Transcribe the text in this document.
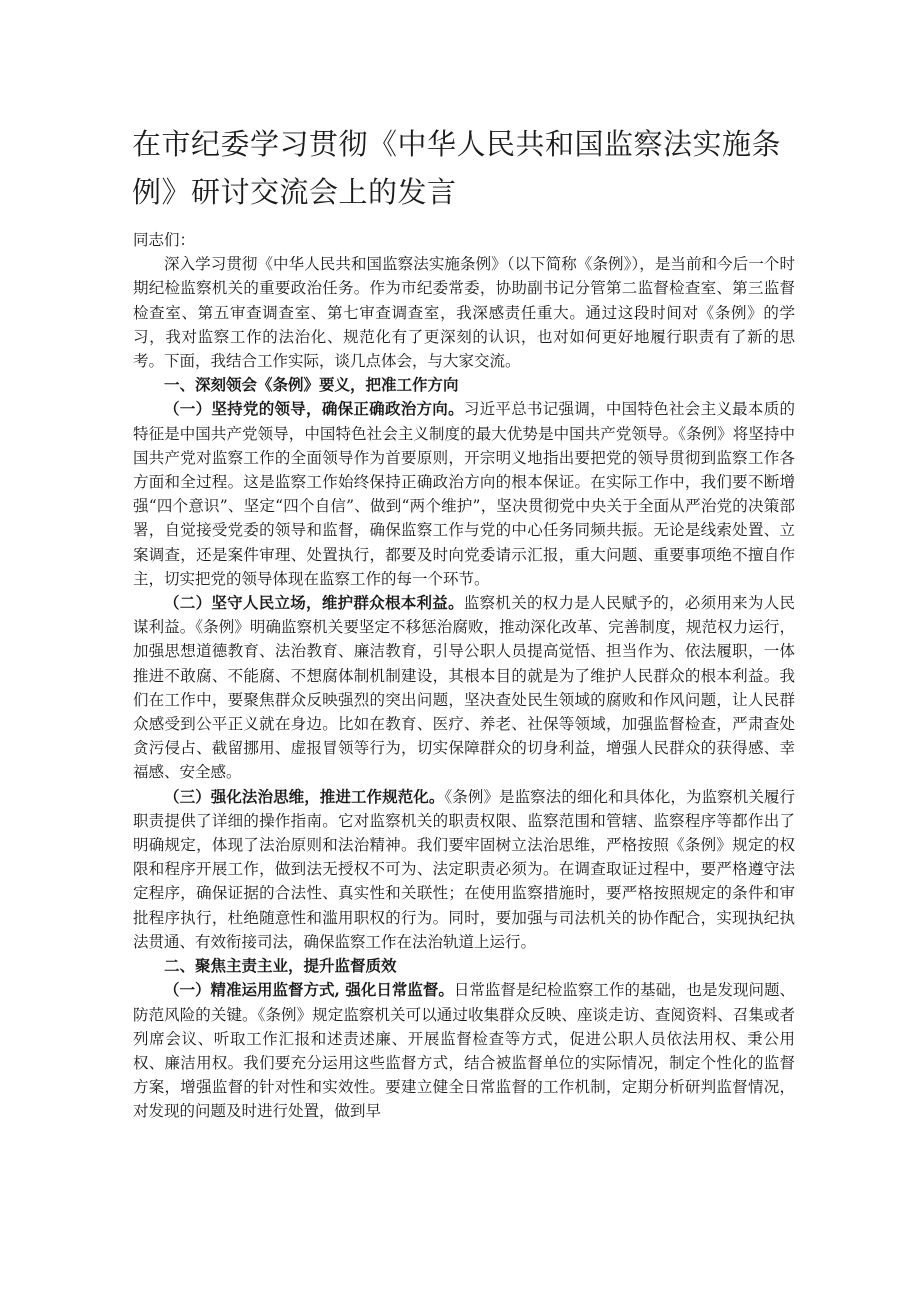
在市纪委学习贯彻《中华人民共和国监察法实施条例》研讨交流会上的发言

同志们：

深入学习贯彻《中华人民共和国监察法实施条例》（以下简称《条例》），是当前和今后一个时期纪检监察机关的重要政治任务。作为市纪委常委，协助副书记分管第二监督检查室、第三监督检查室、第五审查调查室、第七审查调查室，我深感责任重大。通过这段时间对《条例》的学习，我对监察工作的法治化、规范化有了更深刻的认识，也对如何更好地履行职责有了新的思考。下面，我结合工作实际，谈几点体会，与大家交流。

一、深刻领会《条例》要义，把准工作方向

（一）坚持党的领导，确保正确政治方向。习近平总书记强调，中国特色社会主义最本质的特征是中国共产党领导，中国特色社会主义制度的最大优势是中国共产党领导。《条例》将坚持中国共产党对监察工作的全面领导作为首要原则，开宗明义地指出要把党的领导贯彻到监察工作各方面和全过程。这是监察工作始终保持正确政治方向的根本保证。在实际工作中，我们要不断增强“四个意识”、坚定“四个自信”、做到“两个维护”，坚决贯彻党中央关于全面从严治党的决策部署，自觉接受党委的领导和监督，确保监察工作与党的中心任务同频共振。无论是线索处置、立案调查，还是案件审理、处置执行，都要及时向党委请示汇报，重大问题、重要事项绝不擅自作主，切实把党的领导体现在监察工作的每一个环节。

（二）坚守人民立场，维护群众根本利益。监察机关的权力是人民赋予的，必须用来为人民谋利益。《条例》明确监察机关要坚定不移惩治腐败，推动深化改革、完善制度，规范权力运行，加强思想道德教育、法治教育、廉洁教育，引导公职人员提高觉悟、担当作为、依法履职，一体推进不敢腐、不能腐、不想腐体制机制建设，其根本目的就是为了维护人民群众的根本利益。我们在工作中，要聚焦群众反映强烈的突出问题，坚决查处民生领域的腐败和作风问题，让人民群众感受到公平正义就在身边。比如在教育、医疗、养老、社保等领域，加强监督检查，严肃查处贪污侵占、截留挪用、虚报冒领等行为，切实保障群众的切身利益，增强人民群众的获得感、幸福感、安全感。

（三）强化法治思维，推进工作规范化。《条例》是监察法的细化和具体化，为监察机关履行职责提供了详细的操作指南。它对监察机关的职责权限、监察范围和管辖、监察程序等都作出了明确规定，体现了法治原则和法治精神。我们要牢固树立法治思维，严格按照《条例》规定的权限和程序开展工作，做到法无授权不可为、法定职责必须为。在调查取证过程中，要严格遵守法定程序，确保证据的合法性、真实性和关联性；在使用监察措施时，要严格按照规定的条件和审批程序执行，杜绝随意性和滥用职权的行为。同时，要加强与司法机关的协作配合，实现执纪执法贯通、有效衔接司法，确保监察工作在法治轨道上运行。

二、聚焦主责主业，提升监督质效

（一）精准运用监督方式, 强化日常监督。日常监督是纪检监察工作的基础，也是发现问题、防范风险的关键。《条例》规定监察机关可以通过收集群众反映、座谈走访、查阅资料、召集或者列席会议、听取工作汇报和述责述廉、开展监督检查等方式，促进公职人员依法用权、秉公用权、廉洁用权。我们要充分运用这些监督方式，结合被监督单位的实际情况，制定个性化的监督方案，增强监督的针对性和实效性。要建立健全日常监督的工作机制，定期分析研判监督情况，对发现的问题及时进行处置，做到早
